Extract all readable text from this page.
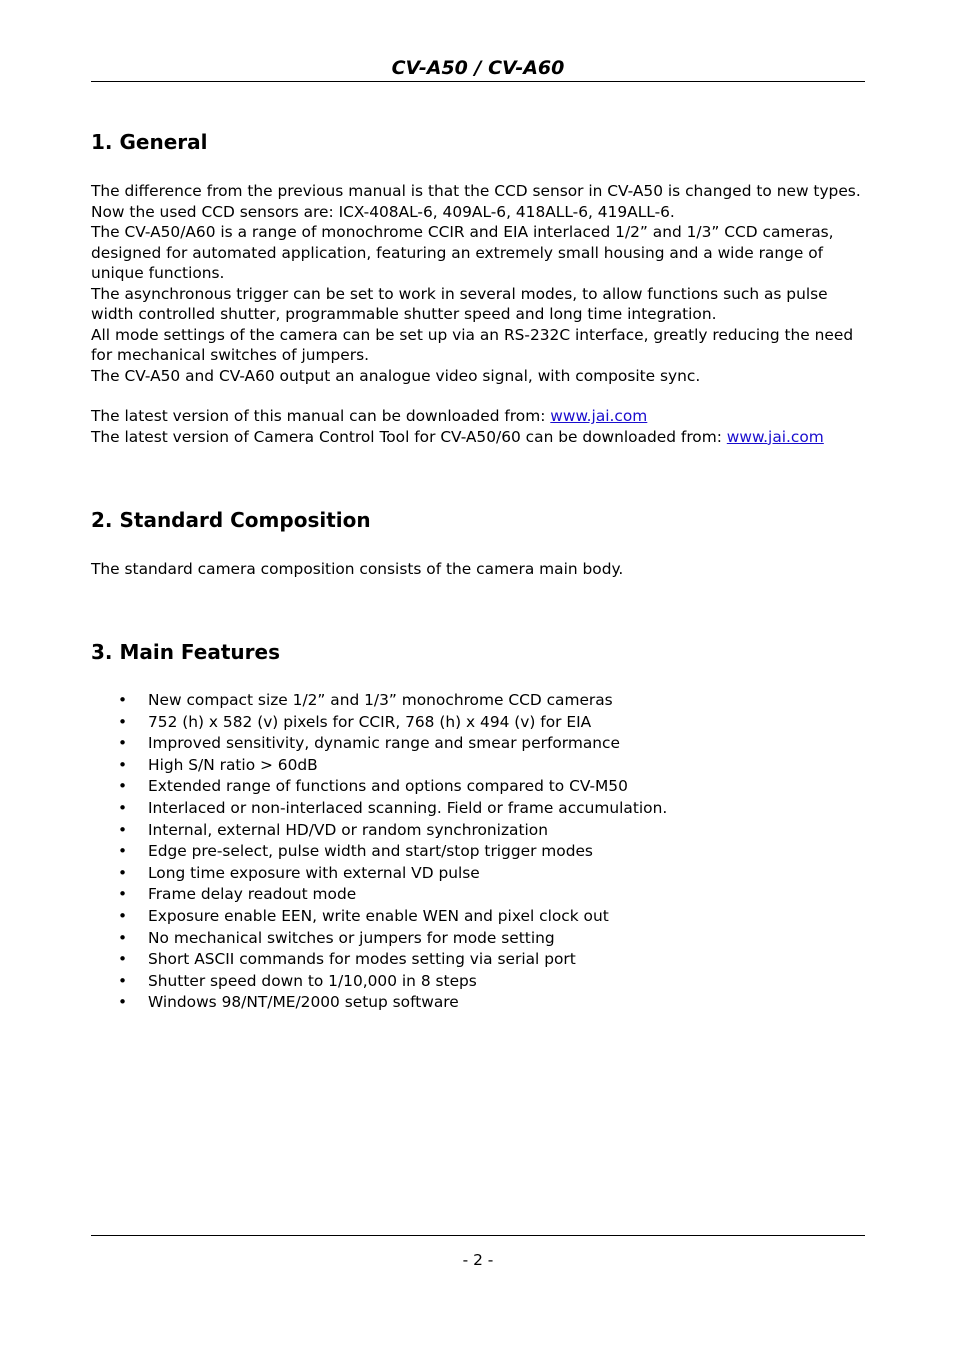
CV-A50 / CV-A60
1. General

The difference from the previous manual is that the CCD sensor in CV-A50 is changed to new types. Now the used CCD sensors are: ICX-408AL-6, 409AL-6, 418ALL-6, 419ALL-6.

The CV-A50/A60 is a range of monochrome CCIR and EIA interlaced 1/2” and 1/3” CCD cameras, designed for automated application, featuring an extremely small housing and a wide range of unique functions.

The asynchronous trigger can be set to work in several modes, to allow functions such as pulse width controlled shutter, programmable shutter speed and long time integration.

All mode settings of the camera can be set up via an RS-232C interface, greatly reducing the need for mechanical switches of jumpers.

The CV-A50 and CV-A60 output an analogue video signal, with composite sync.

The latest version of this manual can be downloaded from: www.jai.com

The latest version of Camera Control Tool for CV-A50/60 can be downloaded from: www.jai.com

2. Standard Composition

The standard camera composition consists of the camera main body.

3. Main Features
• New compact size 1/2” and 1/3” monochrome CCD cameras
• 752 (h) x 582 (v) pixels for CCIR, 768 (h) x 494 (v) for EIA
• Improved sensitivity, dynamic range and smear performance
• High S/N ratio > 60dB
• Extended range of functions and options compared to CV-M50
• Interlaced or non-interlaced scanning. Field or frame accumulation.
• Internal, external HD/VD or random synchronization
• Edge pre-select, pulse width and start/stop trigger modes
• Long time exposure with external VD pulse
• Frame delay readout mode
• Exposure enable EEN, write enable WEN and pixel clock out
• No mechanical switches or jumpers for mode setting
• Short ASCII commands for modes setting via serial port
• Shutter speed down to 1/10,000 in 8 steps
• Windows 98/NT/ME/2000 setup software
- 2 -
